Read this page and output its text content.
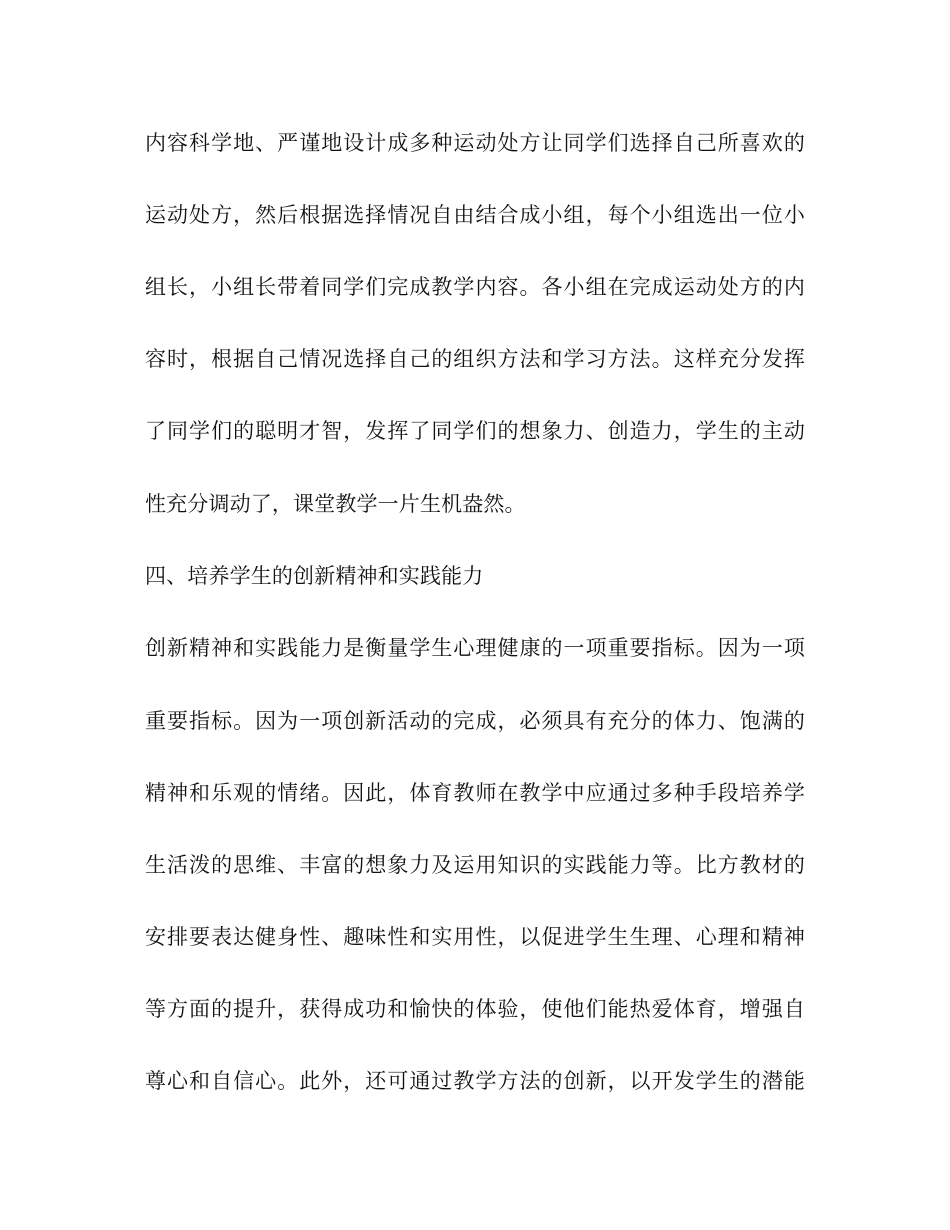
内容科学地、严谨地设计成多种运动处方让同学们选择自己所喜欢的
运动处方，然后根据选择情况自由结合成小组，每个小组选出一位小
组长，小组长带着同学们完成教学内容。各小组在完成运动处方的内
容时，根据自己情况选择自己的组织方法和学习方法。这样充分发挥
了同学们的聪明才智，发挥了同学们的想象力、创造力，学生的主动
性充分调动了，课堂教学一片生机盎然。
四、培养学生的创新精神和实践能力
创新精神和实践能力是衡量学生心理健康的一项重要指标。因为一项
重要指标。因为一项创新活动的完成，必须具有充分的体力、饱满的
精神和乐观的情绪。因此，体育教师在教学中应通过多种手段培养学
生活泼的思维、丰富的想象力及运用知识的实践能力等。比方教材的
安排要表达健身性、趣味性和实用性，以促进学生生理、心理和精神
等方面的提升，获得成功和愉快的体验，使他们能热爱体育，增强自
尊心和自信心。此外，还可通过教学方法的创新，以开发学生的潜能
